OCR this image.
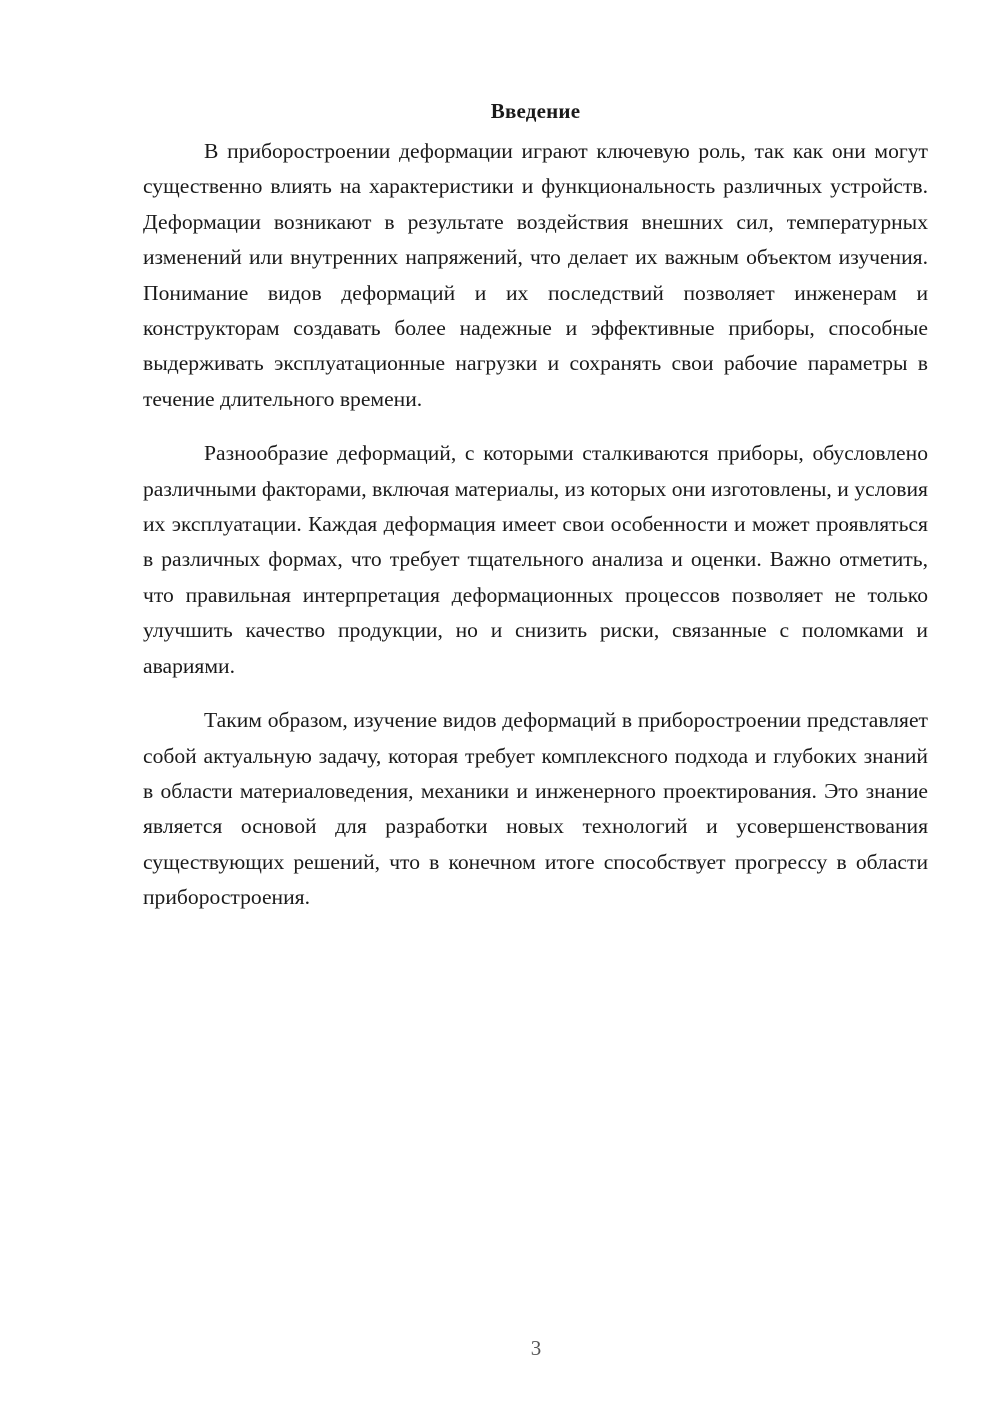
Введение

В приборостроении деформации играют ключевую роль, так как они могут существенно влиять на характеристики и функциональность различных устройств. Деформации возникают в результате воздействия внешних сил, температурных изменений или внутренних напряжений, что делает их важным объектом изучения. Понимание видов деформаций и их последствий позволяет инженерам и конструкторам создавать более надежные и эффективные приборы, способные выдерживать эксплуатационные нагрузки и сохранять свои рабочие параметры в течение длительного времени.

Разнообразие деформаций, с которыми сталкиваются приборы, обусловлено различными факторами, включая материалы, из которых они изготовлены, и условия их эксплуатации. Каждая деформация имеет свои особенности и может проявляться в различных формах, что требует тщательного анализа и оценки. Важно отметить, что правильная интерпретация деформационных процессов позволяет не только улучшить качество продукции, но и снизить риски, связанные с поломками и авариями.

Таким образом, изучение видов деформаций в приборостроении представляет собой актуальную задачу, которая требует комплексного подхода и глубоких знаний в области материаловедения, механики и инженерного проектирования. Это знание является основой для разработки новых технологий и усовершенствования существующих решений, что в конечном итоге способствует прогрессу в области приборостроения.

3
